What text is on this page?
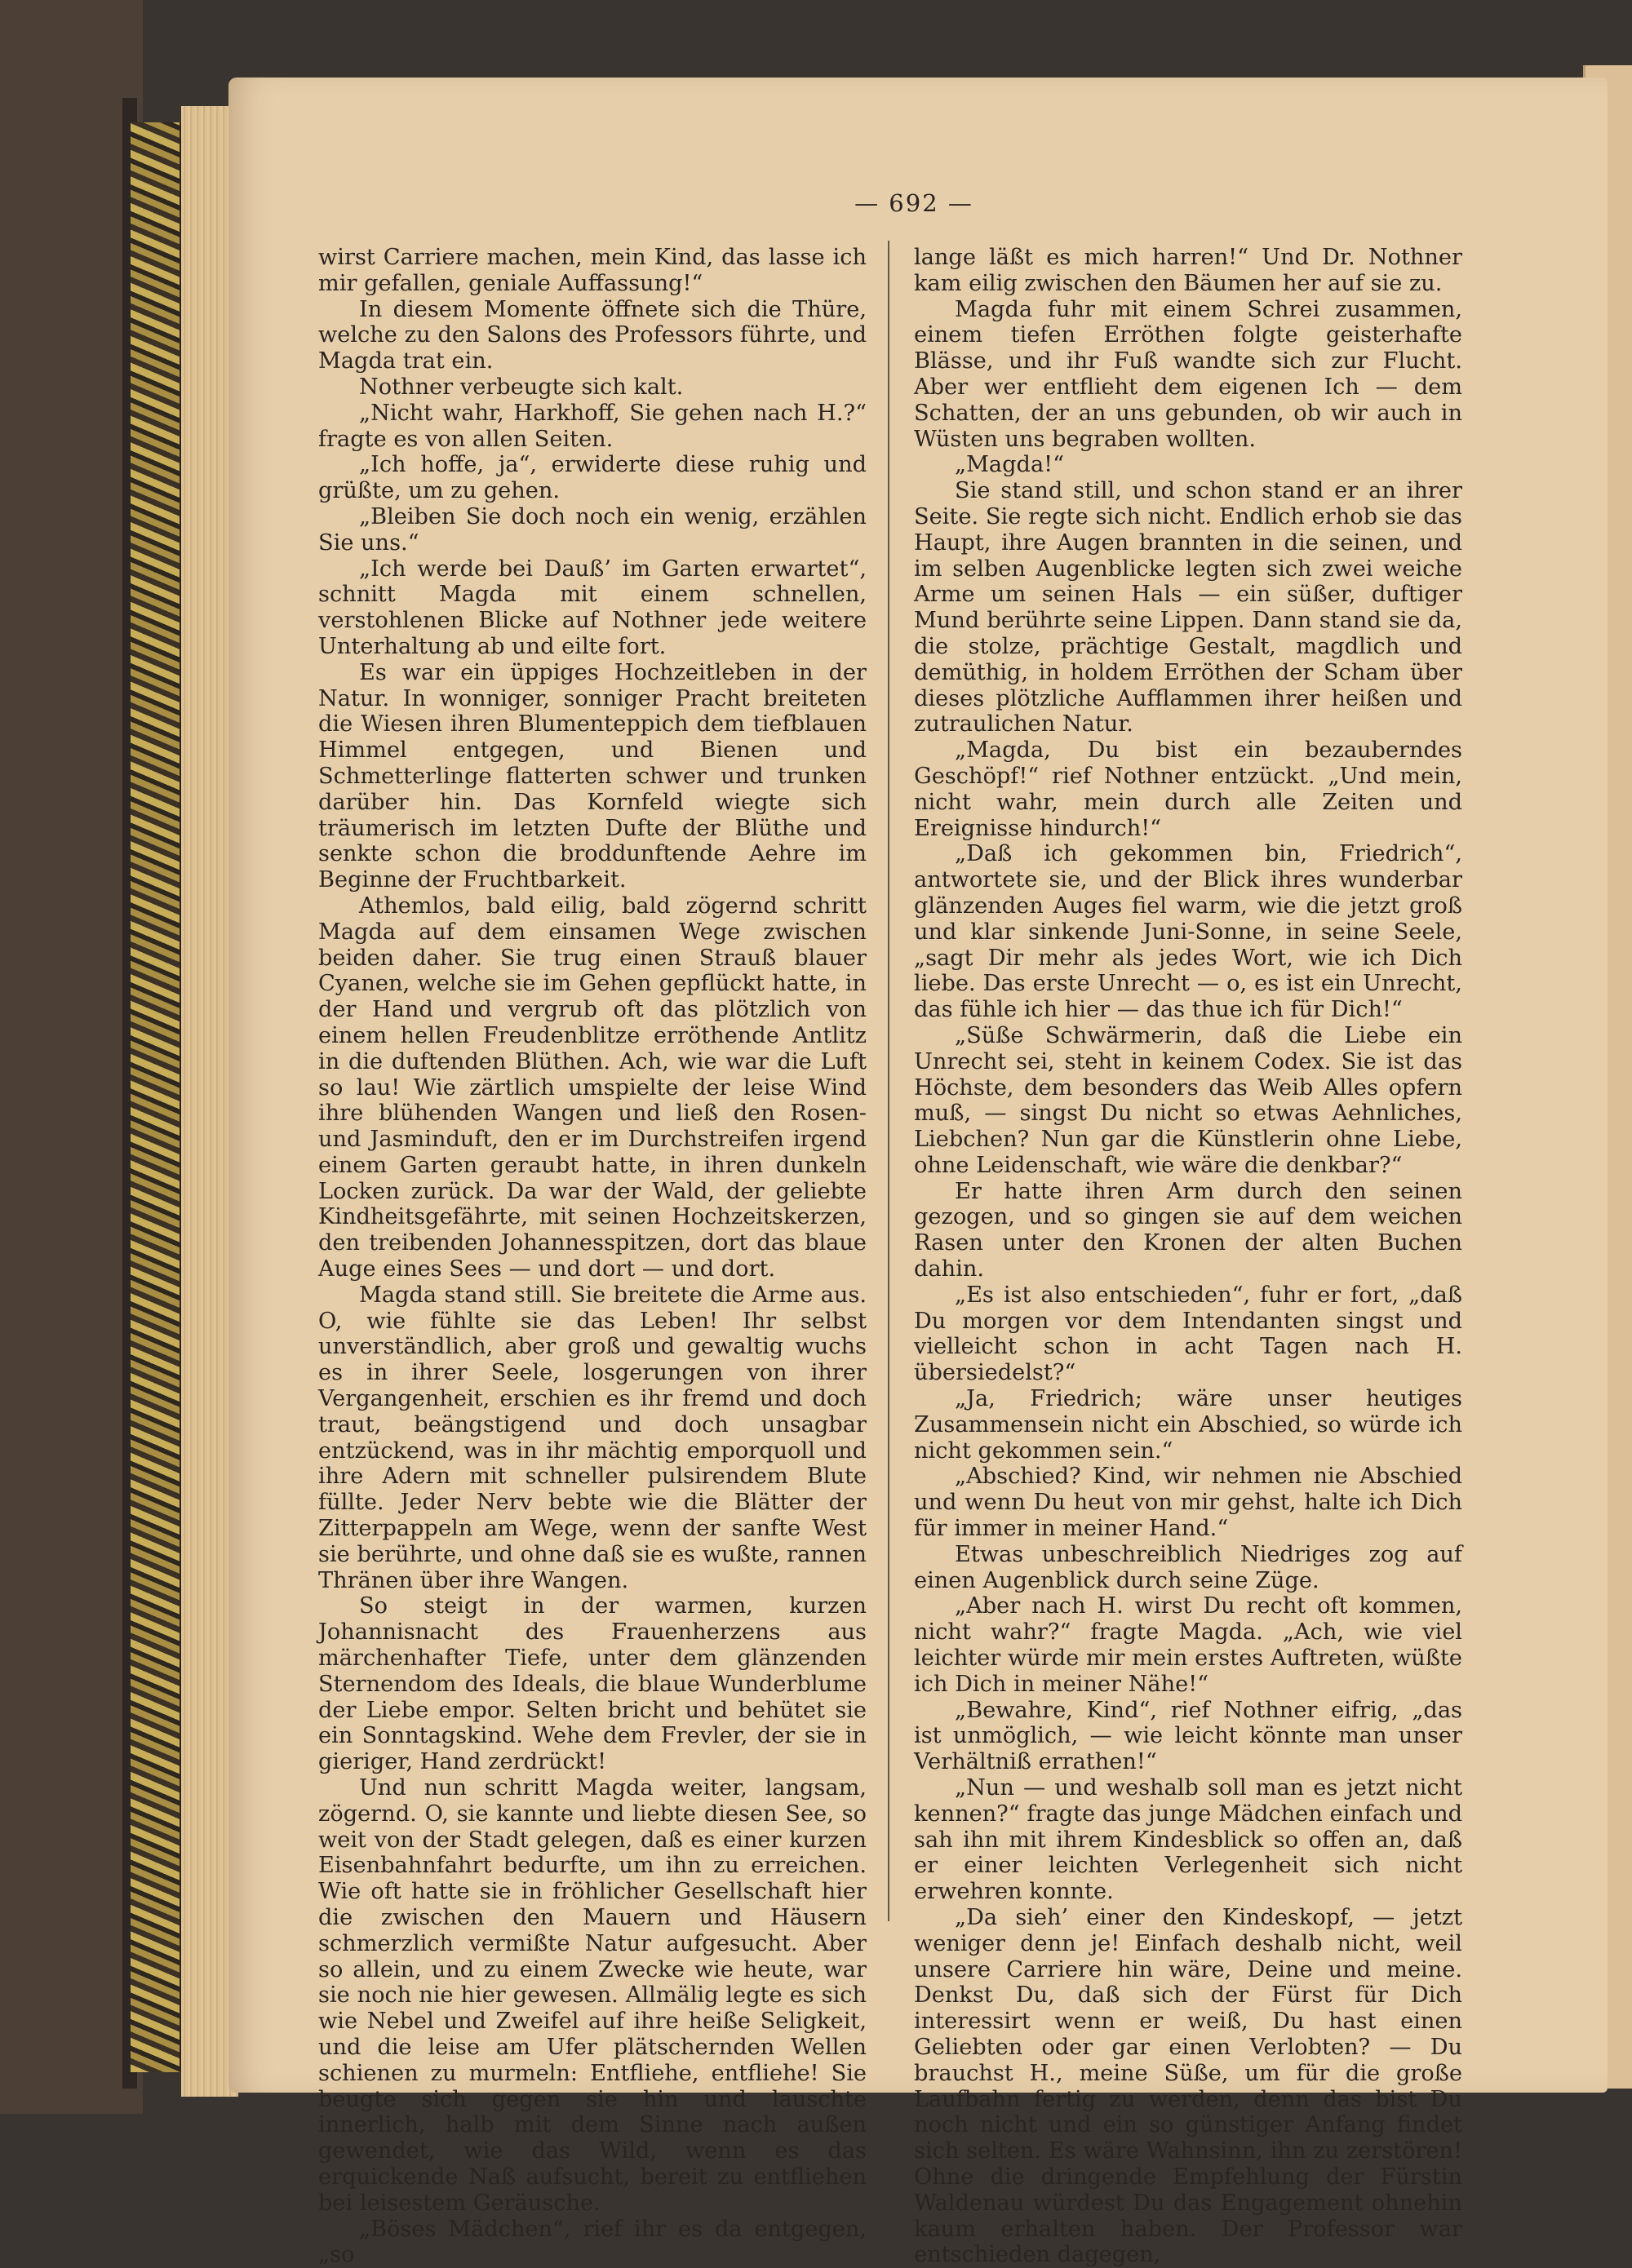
— 692 —

wirst Carriere machen, mein Kind, das lasse ich mir gefallen, geniale Auffassung!“

In diesem Momente öffnete sich die Thüre, welche zu den Salons des Professors führte, und Magda trat ein.

Nothner verbeugte sich kalt.

„Nicht wahr, Harkhoff, Sie gehen nach H.?“ fragte es von allen Seiten.

„Ich hoffe, ja“, erwiderte diese ruhig und grüßte, um zu gehen.

„Bleiben Sie doch noch ein wenig, erzählen Sie uns.“

„Ich werde bei Dauß’ im Garten erwartet“, schnitt Magda mit einem schnellen, verstohlenen Blicke auf Nothner jede weitere Unterhaltung ab und eilte fort.

Es war ein üppiges Hochzeitleben in der Natur. In wonniger, sonniger Pracht breiteten die Wiesen ihren Blumenteppich dem tiefblauen Himmel entgegen, und Bienen und Schmetterlinge flatterten schwer und trunken darüber hin. Das Kornfeld wiegte sich träumerisch im letzten Dufte der Blüthe und senkte schon die broddunftende Aehre im Beginne der Fruchtbarkeit.

Athemlos, bald eilig, bald zögernd schritt Magda auf dem einsamen Wege zwischen beiden daher. Sie trug einen Strauß blauer Cyanen, welche sie im Gehen gepflückt hatte, in der Hand und vergrub oft das plötzlich von einem hellen Freudenblitze erröthende Antlitz in die duftenden Blüthen. Ach, wie war die Luft so lau! Wie zärtlich umspielte der leise Wind ihre blühenden Wangen und ließ den Rosen- und Jasminduft, den er im Durchstreifen irgend einem Garten geraubt hatte, in ihren dunkeln Locken zurück. Da war der Wald, der geliebte Kindheitsgefährte, mit seinen Hochzeitskerzen, den treibenden Johannesspitzen, dort das blaue Auge eines Sees — und dort — und dort.

Magda stand still. Sie breitete die Arme aus. O, wie fühlte sie das Leben! Ihr selbst unverständlich, aber groß und gewaltig wuchs es in ihrer Seele, losgerungen von ihrer Vergangenheit, erschien es ihr fremd und doch traut, beängstigend und doch unsagbar entzückend, was in ihr mächtig emporquoll und ihre Adern mit schneller pulsirendem Blute füllte. Jeder Nerv bebte wie die Blätter der Zitterpappeln am Wege, wenn der sanfte West sie berührte, und ohne daß sie es wußte, rannen Thränen über ihre Wangen.

So steigt in der warmen, kurzen Johannisnacht des Frauenherzens aus märchenhafter Tiefe, unter dem glänzenden Sternendom des Ideals, die blaue Wunderblume der Liebe empor. Selten bricht und behütet sie ein Sonntagskind. Wehe dem Frevler, der sie in gieriger, Hand zerdrückt!

Und nun schritt Magda weiter, langsam, zögernd. O, sie kannte und liebte diesen See, so weit von der Stadt gelegen, daß es einer kurzen Eisenbahnfahrt bedurfte, um ihn zu erreichen. Wie oft hatte sie in fröhlicher Gesellschaft hier die zwischen den Mauern und Häusern schmerzlich vermißte Natur aufgesucht. Aber so allein, und zu einem Zwecke wie heute, war sie noch nie hier gewesen. Allmälig legte es sich wie Nebel und Zweifel auf ihre heiße Seligkeit, und die leise am Ufer plätschernden Wellen schienen zu murmeln: Entfliehe, entfliehe! Sie beugte sich gegen sie hin und lauschte innerlich, halb mit dem Sinne nach außen gewendet, wie das Wild, wenn es das erquickende Naß aufsucht, bereit zu entfliehen bei leisestem Geräusche.

„Böses Mädchen“, rief ihr es da entgegen, „so

lange läßt es mich harren!“ Und Dr. Nothner kam eilig zwischen den Bäumen her auf sie zu.

Magda fuhr mit einem Schrei zusammen, einem tiefen Erröthen folgte geisterhafte Blässe, und ihr Fuß wandte sich zur Flucht. Aber wer entflieht dem eigenen Ich — dem Schatten, der an uns gebunden, ob wir auch in Wüsten uns begraben wollten.

„Magda!“

Sie stand still, und schon stand er an ihrer Seite. Sie regte sich nicht. Endlich erhob sie das Haupt, ihre Augen brannten in die seinen, und im selben Augenblicke legten sich zwei weiche Arme um seinen Hals — ein süßer, duftiger Mund berührte seine Lippen. Dann stand sie da, die stolze, prächtige Gestalt, magdlich und demüthig, in holdem Erröthen der Scham über dieses plötzliche Aufflammen ihrer heißen und zutraulichen Natur.

„Magda, Du bist ein bezauberndes Geschöpf!“ rief Nothner entzückt. „Und mein, nicht wahr, mein durch alle Zeiten und Ereignisse hindurch!“

„Daß ich gekommen bin, Friedrich“, antwortete sie, und der Blick ihres wunderbar glänzenden Auges fiel warm, wie die jetzt groß und klar sinkende Juni-Sonne, in seine Seele, „sagt Dir mehr als jedes Wort, wie ich Dich liebe. Das erste Unrecht — o, es ist ein Unrecht, das fühle ich hier — das thue ich für Dich!“

„Süße Schwärmerin, daß die Liebe ein Unrecht sei, steht in keinem Codex. Sie ist das Höchste, dem besonders das Weib Alles opfern muß, — singst Du nicht so etwas Aehnliches, Liebchen? Nun gar die Künstlerin ohne Liebe, ohne Leidenschaft, wie wäre die denkbar?“

Er hatte ihren Arm durch den seinen gezogen, und so gingen sie auf dem weichen Rasen unter den Kronen der alten Buchen dahin.

„Es ist also entschieden“, fuhr er fort, „daß Du morgen vor dem Intendanten singst und vielleicht schon in acht Tagen nach H. übersiedelst?“

„Ja, Friedrich; wäre unser heutiges Zusammensein nicht ein Abschied, so würde ich nicht gekommen sein.“

„Abschied? Kind, wir nehmen nie Abschied und wenn Du heut von mir gehst, halte ich Dich für immer in meiner Hand.“

Etwas unbeschreiblich Niedriges zog auf einen Augenblick durch seine Züge.

„Aber nach H. wirst Du recht oft kommen, nicht wahr?“ fragte Magda. „Ach, wie viel leichter würde mir mein erstes Auftreten, wüßte ich Dich in meiner Nähe!“

„Bewahre, Kind“, rief Nothner eifrig, „das ist unmöglich, — wie leicht könnte man unser Verhältniß errathen!“

„Nun — und weshalb soll man es jetzt nicht kennen?“ fragte das junge Mädchen einfach und sah ihn mit ihrem Kindesblick so offen an, daß er einer leichten Verlegenheit sich nicht erwehren konnte.

„Da sieh’ einer den Kindeskopf, — jetzt weniger denn je! Einfach deshalb nicht, weil unsere Carriere hin wäre, Deine und meine. Denkst Du, daß sich der Fürst für Dich interessirt wenn er weiß, Du hast einen Geliebten oder gar einen Verlobten? — Du brauchst H., meine Süße, um für die große Laufbahn fertig zu werden, denn das bist Du noch nicht und ein so günstiger Anfang findet sich selten. Es wäre Wahnsinn, ihn zu zerstören! Ohne die dringende Empfehlung der Fürstin Waldenau würdest Du das Engagement ohnehin kaum erhalten haben. Der Professor war entschieden dagegen,
